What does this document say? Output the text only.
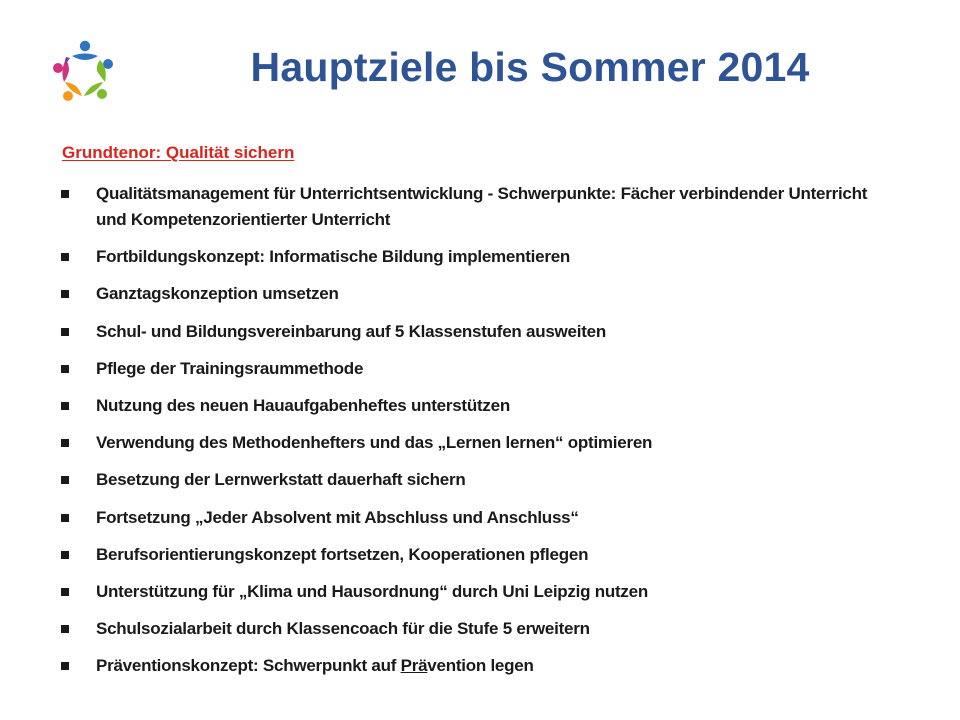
Hauptziele bis Sommer 2014
Grundtenor: Qualität sichern
Qualitätsmanagement für Unterrichtsentwicklung - Schwerpunkte: Fächer verbindender Unterricht und Kompetenzorientierter Unterricht
Fortbildungskonzept: Informatische Bildung implementieren
Ganztagskonzeption umsetzen
Schul- und Bildungsvereinbarung auf 5 Klassenstufen ausweiten
Pflege der Trainingsraummethode
Nutzung des neuen Hauaufgabenheftes unterstützen
Verwendung des Methodenhefters und das „Lernen lernen“ optimieren
Besetzung der Lernwerkstatt dauerhaft sichern
Fortsetzung „Jeder Absolvent mit Abschluss und Anschluss“
Berufsorientierungskonzept fortsetzen, Kooperationen pflegen
Unterstützung für „Klima und Hausordnung“ durch Uni Leipzig nutzen
Schulsozialarbeit durch Klassencoach für die Stufe 5 erweitern
Präventionskonzept: Schwerpunkt auf Prävention legen
